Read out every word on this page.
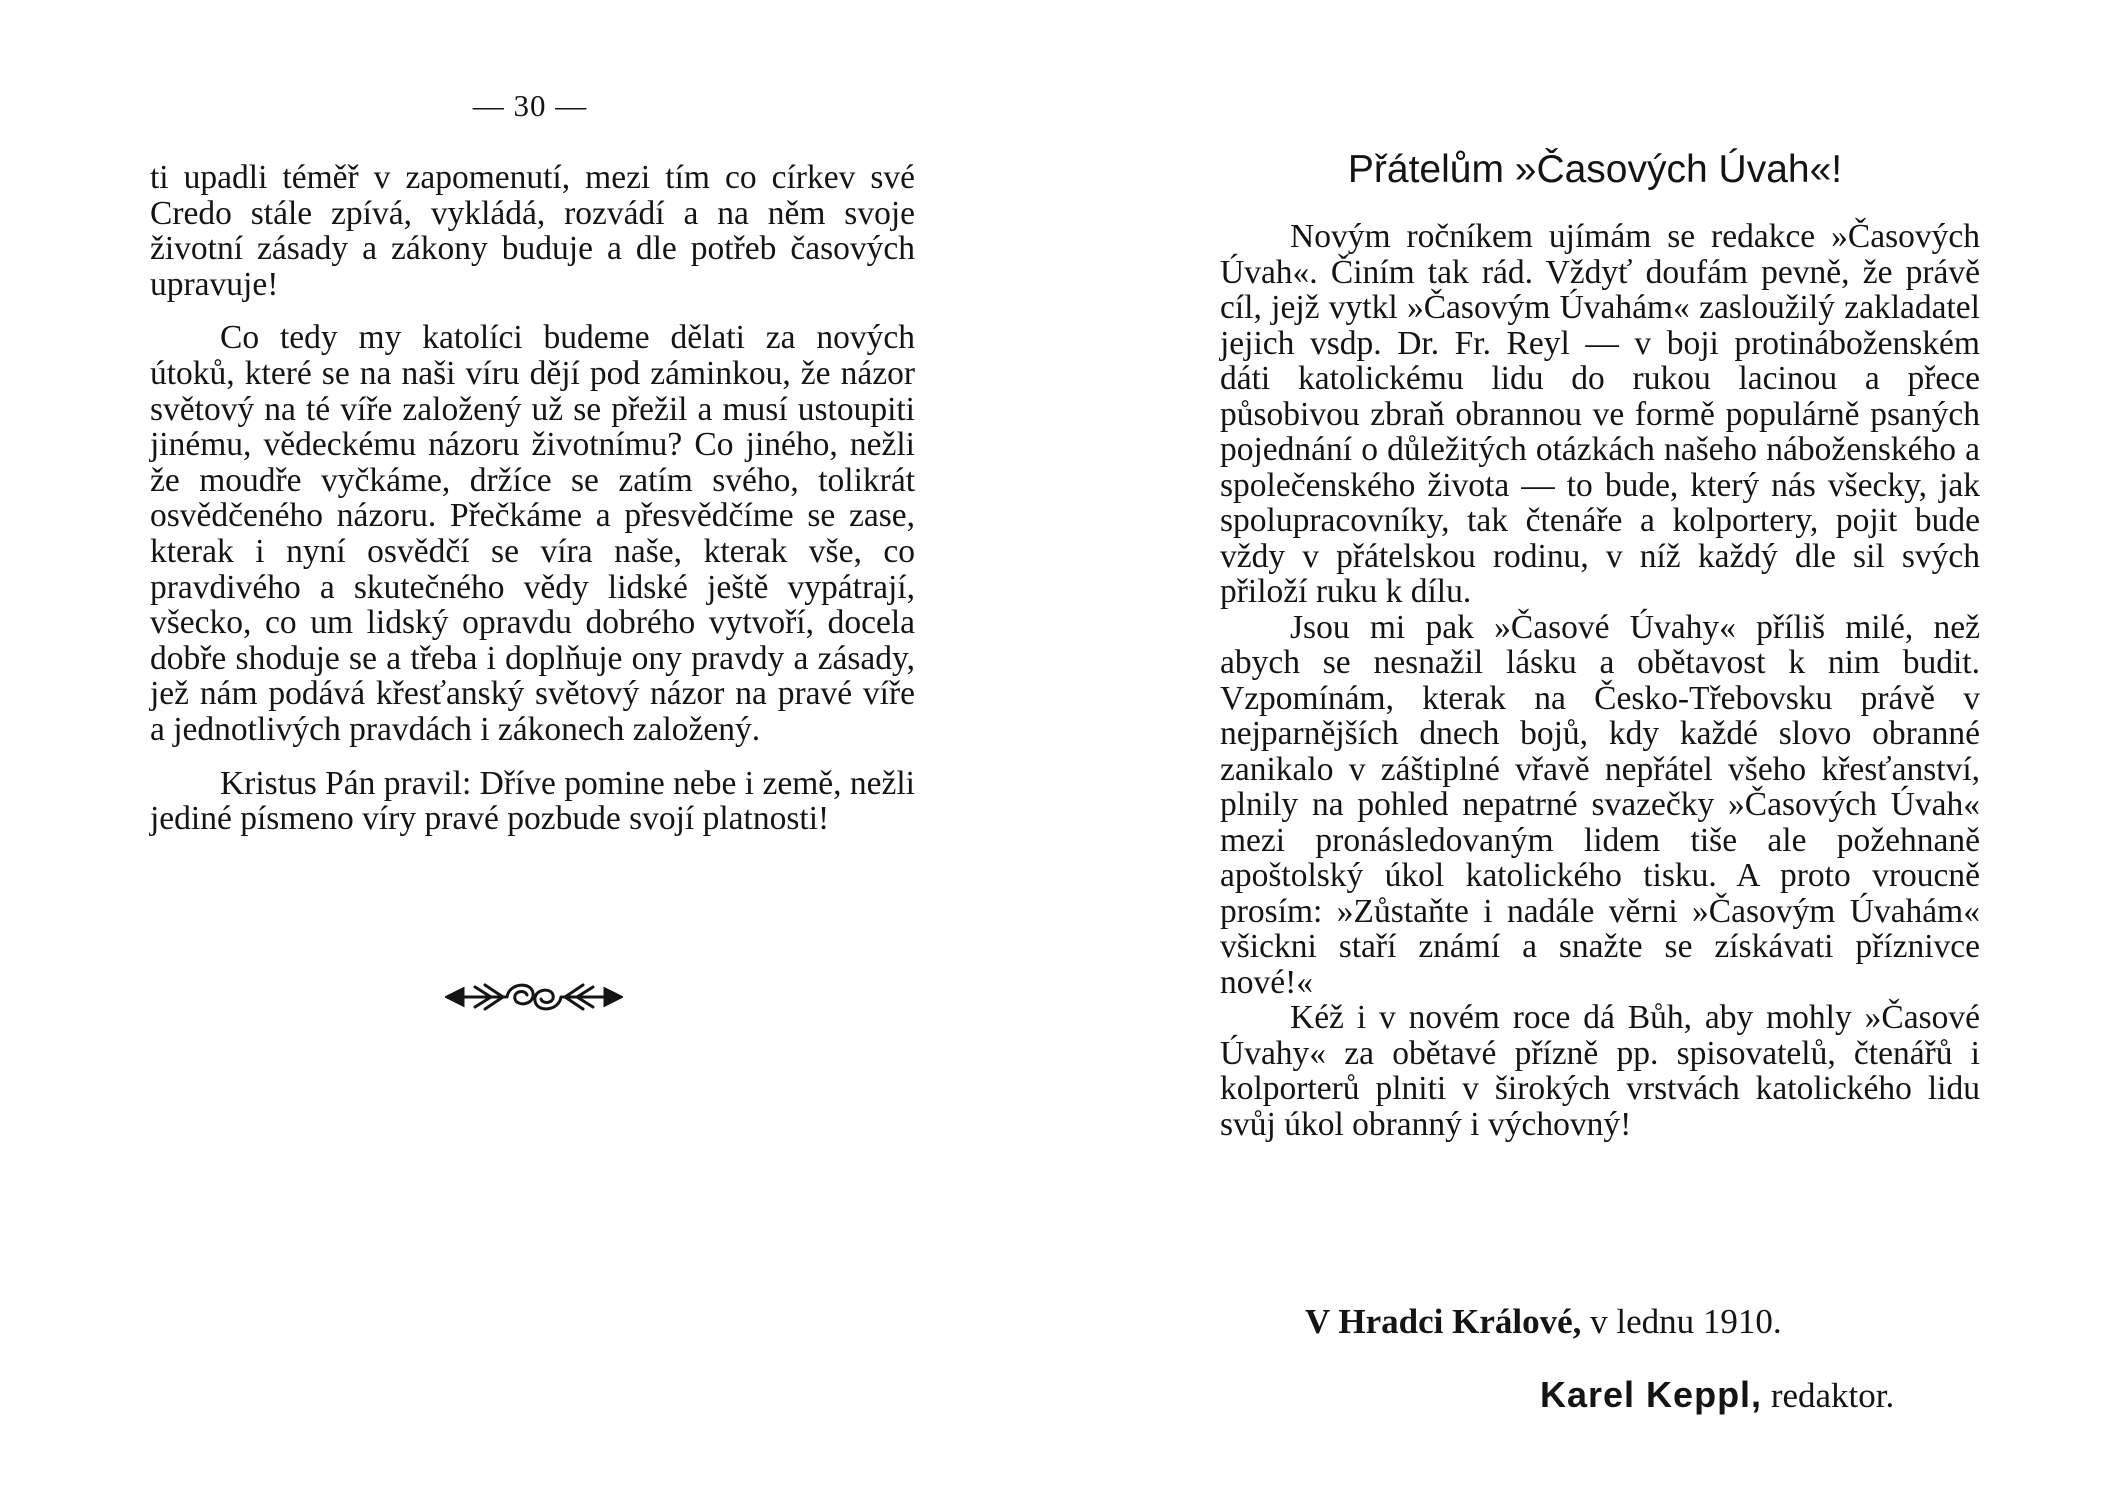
— 30 —

ti upadli téměř v zapomenutí, mezi tím co církev své Credo stále zpívá, vykládá, rozvádí a na něm svoje životní zásady a zákony buduje a dle potřeb časových upravuje!

Co tedy my katolíci budeme dělati za nových útoků, které se na naši víru dějí pod záminkou, že názor světový na té víře založený už se přežil a musí ustoupiti jinému, vědeckému názoru životnímu? Co jiného, nežli že moudře vyčkáme, držíce se zatím svého, tolikrát osvědčeného názoru. Přečkáme a přesvědčíme se zase, kterak i nyní osvědčí se víra naše, kterak vše, co pravdivého a skutečného vědy lidské ještě vypátrají, všecko, co um lidský opravdu dobrého vytvoří, docela dobře shoduje se a třeba i doplňuje ony pravdy a zásady, jež nám podává křesťanský světový názor na pravé víře a jednotlivých pravdách i zákonech založený.

Kristus Pán pravil: Dříve pomine nebe i země, nežli jediné písmeno víry pravé pozbude svojí platnosti!

Přátelům »Časových Úvah«!

Novým ročníkem ujímám se redakce »Časových Úvah«. Činím tak rád. Vždyť doufám pevně, že právě cíl, jejž vytkl »Časovým Úvahám« zasloužilý zakladatel jejich vsdp. Dr. Fr. Reyl — v boji protináboženském dáti katolickému lidu do rukou lacinou a přece působivou zbraň obrannou ve formě populárně psaných pojednání o důležitých otázkách našeho náboženského a společenského života — to bude, který nás všecky, jak spolupracovníky, tak čtenáře a kolportery, pojit bude vždy v přátelskou rodinu, v níž každý dle sil svých přiloží ruku k dílu.

Jsou mi pak »Časové Úvahy« příliš milé, než abych se nesnažil lásku a obětavost k nim budit. Vzpomínám, kterak na Česko-Třebovsku právě v nejparnějších dnech bojů, kdy každé slovo obranné zanikalo v záštiplné vřavě nepřátel všeho křesťanství, plnily na pohled nepatrné svazečky »Časových Úvah« mezi pronásledovaným lidem tiše ale požehnaně apoštolský úkol katolického tisku. A proto vroucně prosím: »Zůstaňte i nadále věrni »Časovým Úvahám« všickni staří známí a snažte se získávati příznivce nové!«

Kéž i v novém roce dá Bůh, aby mohly »Časové Úvahy« za obětavé přízně pp. spisovatelů, čtenářů i kolporterů plniti v širokých vrstvách katolického lidu svůj úkol obranný i výchovný!

V Hradci Králové, v lednu 1910.
Karel Keppl, redaktor.
